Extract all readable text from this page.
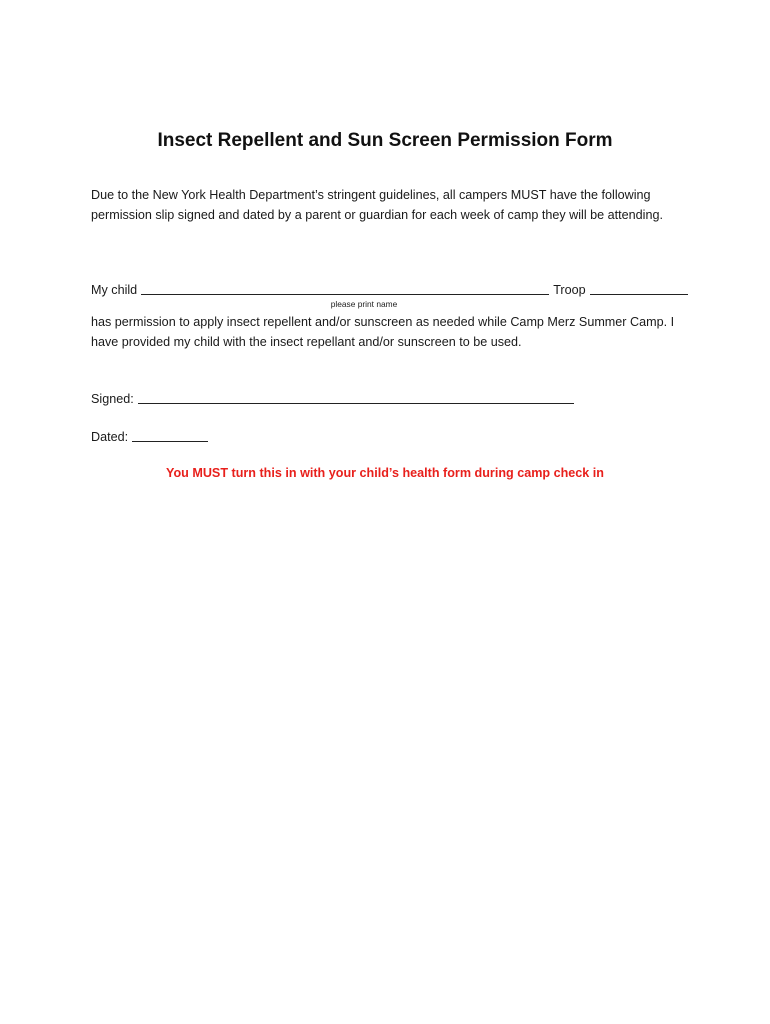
Insect Repellent and Sun Screen Permission Form

Due to the New York Health Department’s stringent guidelines, all campers MUST have the following permission slip signed and dated by a parent or guardian for each week of camp they will be attending.

My child	Troop
please print name

has permission to apply insect repellent and/or sunscreen as needed while Camp Merz Summer Camp. I have provided my child with the insect repellant and/or sunscreen to be used.

Signed:
Dated:

You MUST turn this in with your child’s health form during camp check in
